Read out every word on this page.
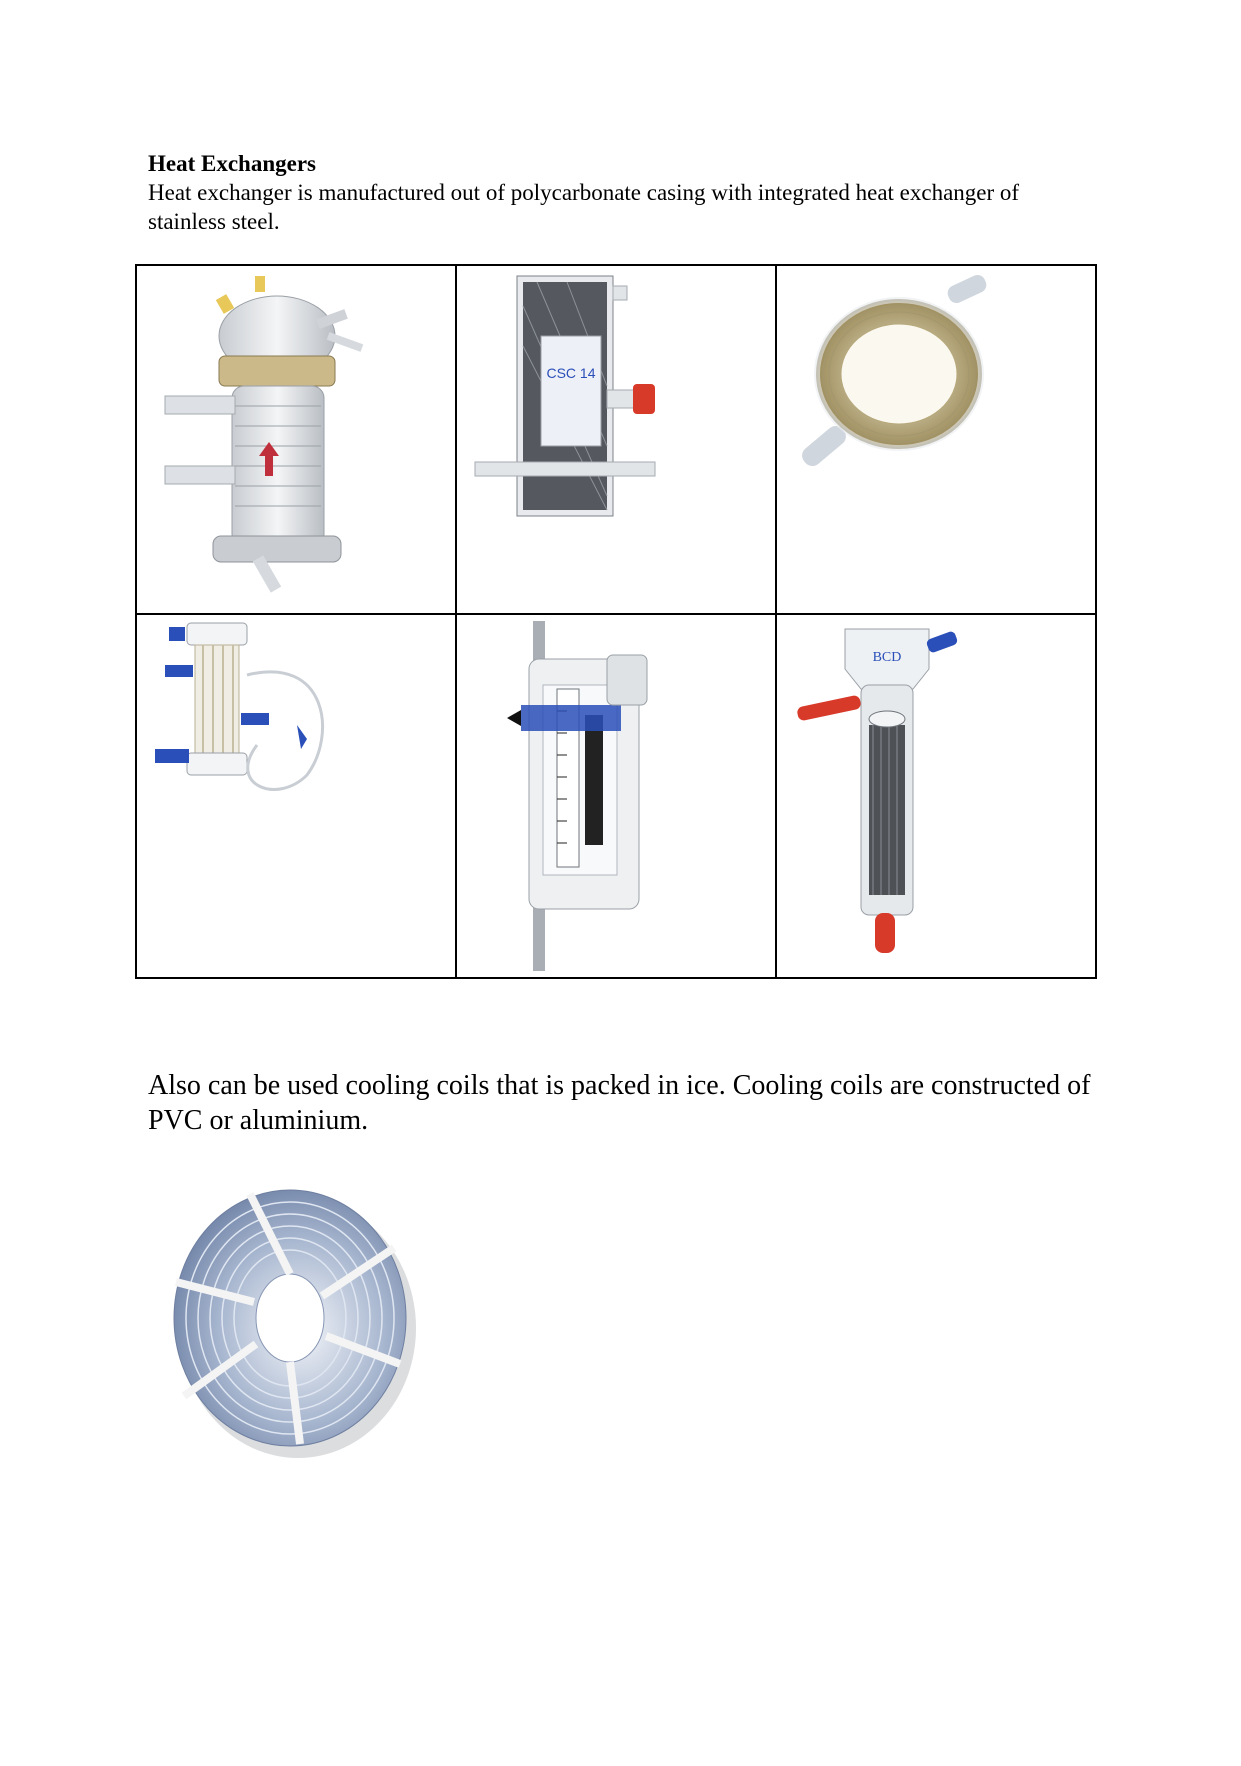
Heat Exchangers
Heat exchanger is manufactured out of polycarbonate casing with integrated heat exchanger of stainless steel.

CSC 14

BCD
Also can be used cooling coils that is packed in ice. Cooling coils are constructed of PVC or aluminium.
